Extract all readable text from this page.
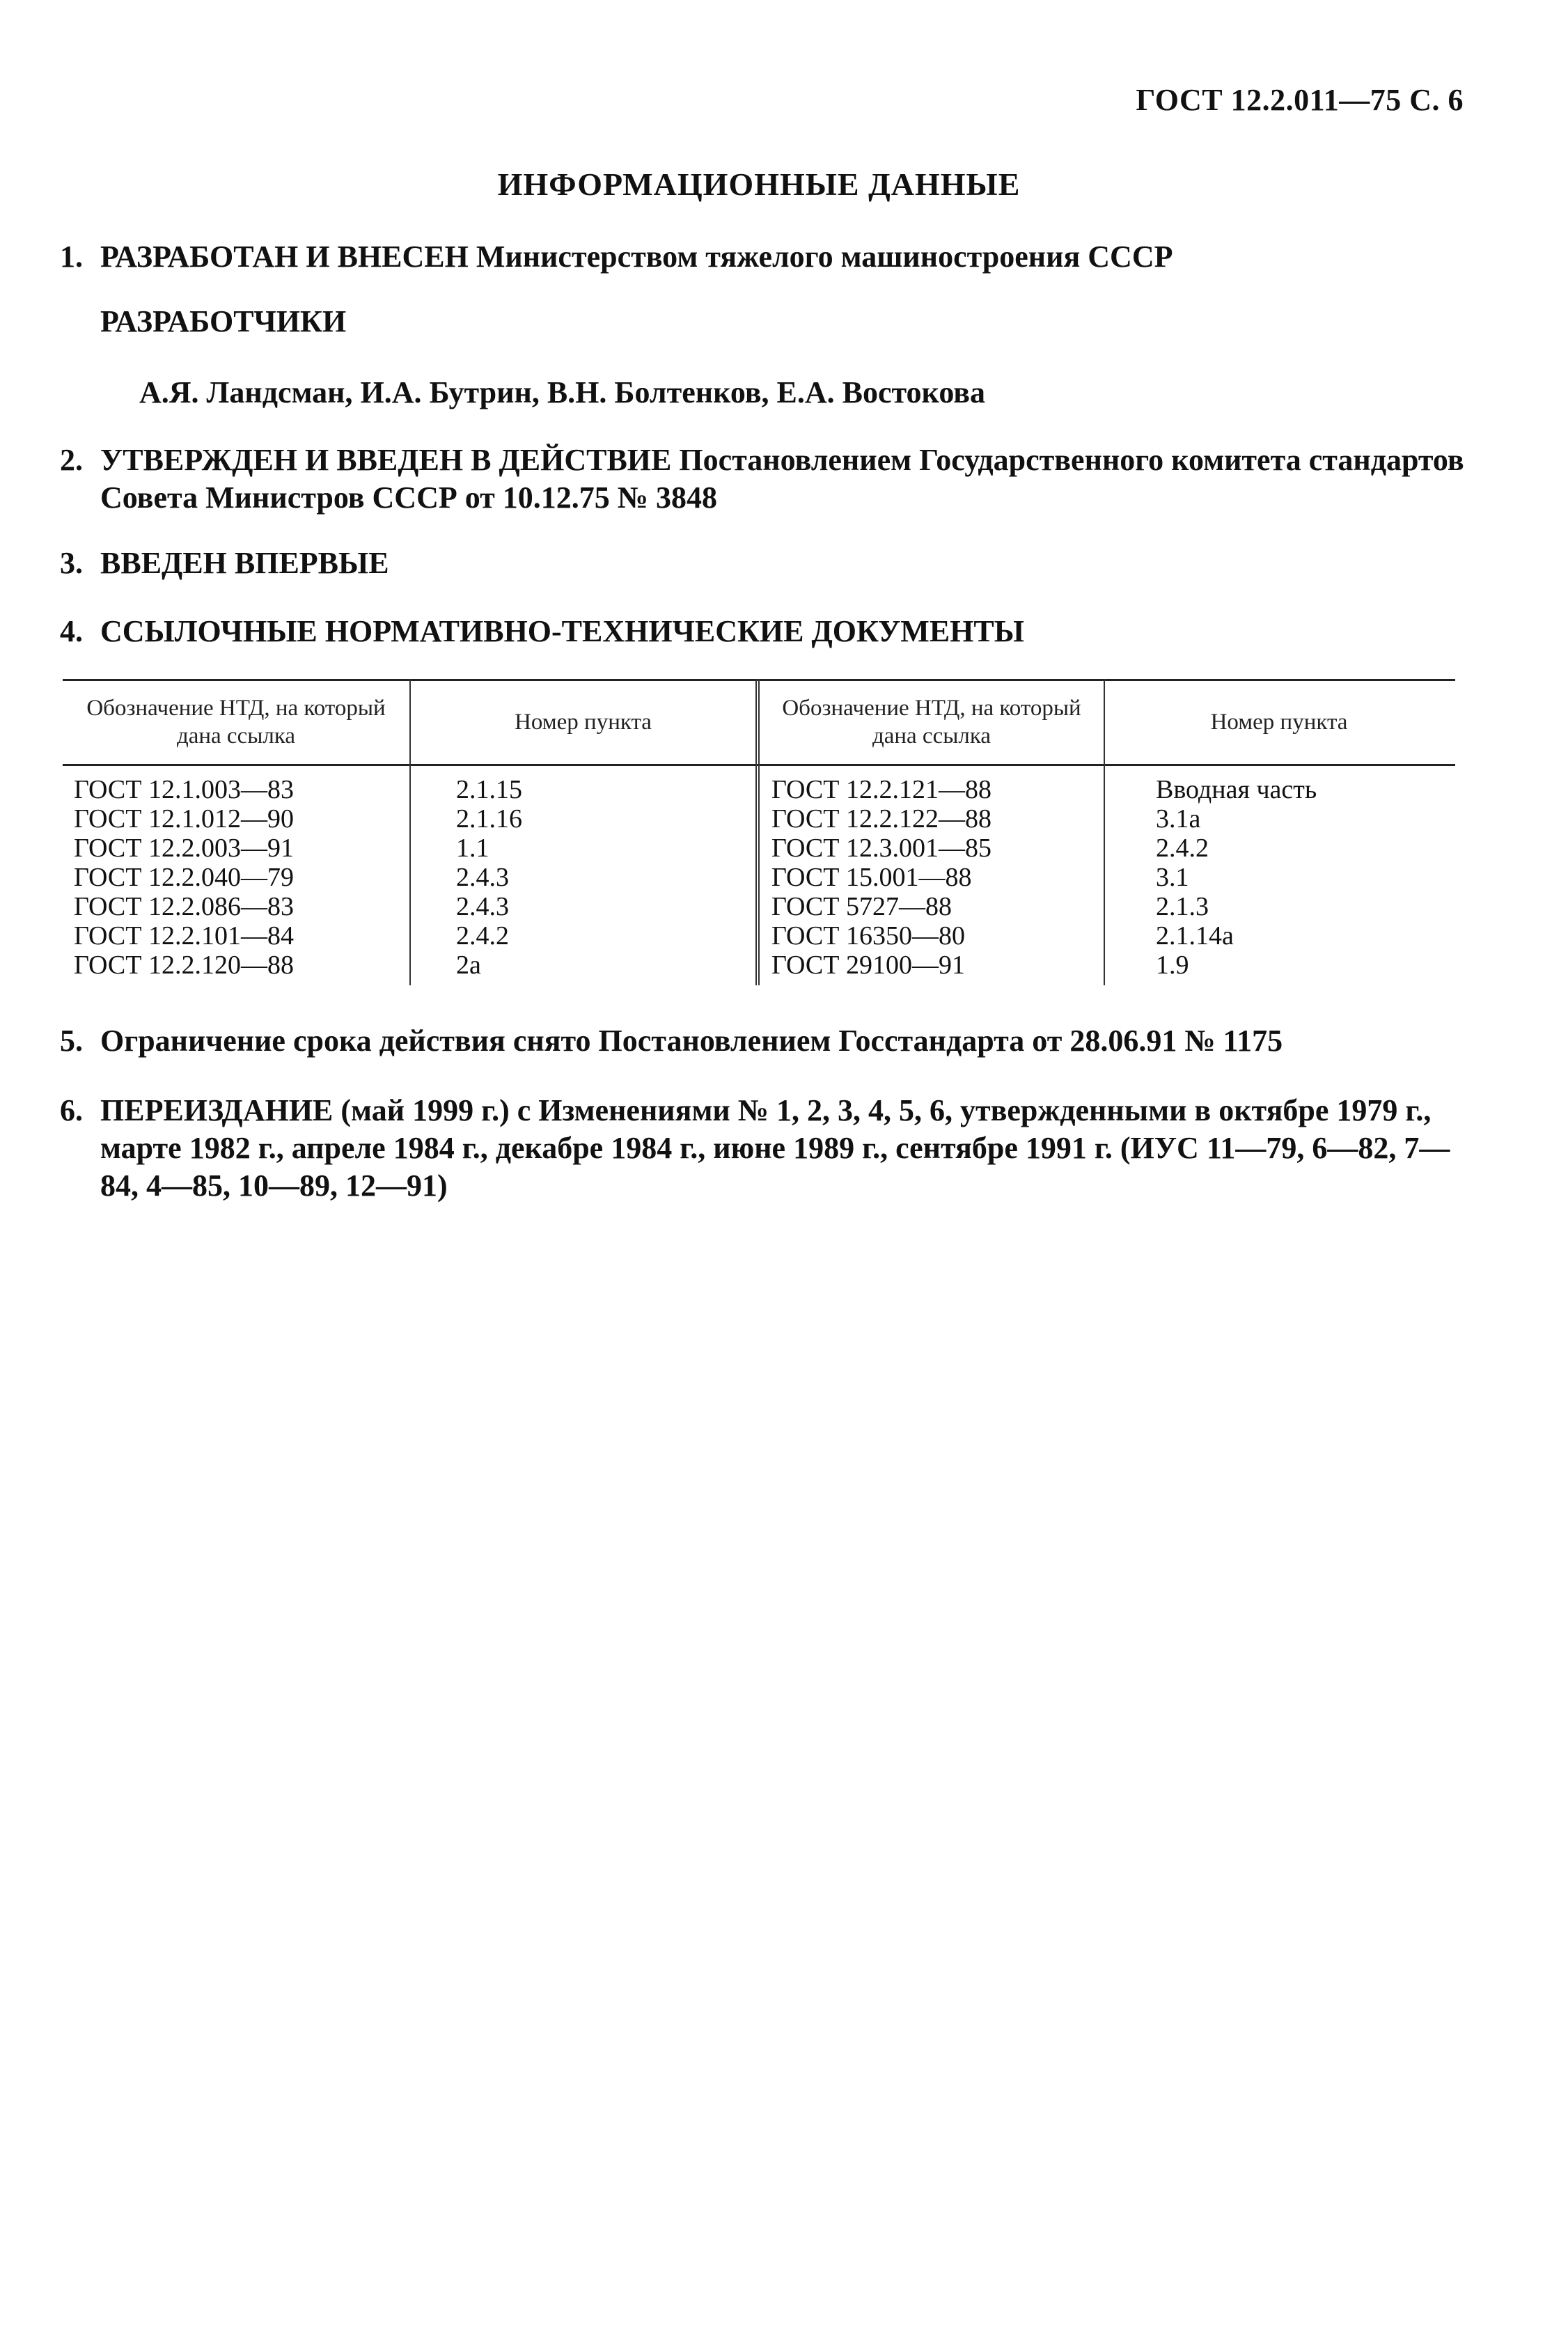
ГОСТ 12.2.011—75 С. 6
ИНФОРМАЦИОННЫЕ ДАННЫЕ
1. РАЗРАБОТАН И ВНЕСЕН Министерством тяжелого машиностроения СССР
РАЗРАБОТЧИКИ
А.Я. Ландсман, И.А. Бутрин, В.Н. Болтенков, Е.А. Востокова
2. УТВЕРЖДЕН И ВВЕДЕН В ДЕЙСТВИЕ Постановлением Государственного комитета стандартов Совета Министров СССР от 10.12.75 № 3848
3. ВВЕДЕН ВПЕРВЫЕ
4. ССЫЛОЧНЫЕ НОРМАТИВНО-ТЕХНИЧЕСКИЕ ДОКУМЕНТЫ
Обозначение НТД, на который дана ссылка
Номер пункта
Обозначение НТД, на который дана ссылка
Номер пункта
ГОСТ 12.1.003—83
ГОСТ 12.1.012—90
ГОСТ 12.2.003—91
ГОСТ 12.2.040—79
ГОСТ 12.2.086—83
ГОСТ 12.2.101—84
ГОСТ 12.2.120—88
2.1.15
2.1.16
1.1
2.4.3
2.4.3
2.4.2
2а
ГОСТ 12.2.121—88
ГОСТ 12.2.122—88
ГОСТ 12.3.001—85
ГОСТ 15.001—88
ГОСТ 5727—88
ГОСТ 16350—80
ГОСТ 29100—91
Вводная часть
3.1а
2.4.2
3.1
2.1.3
2.1.14а
1.9
5. Ограничение срока действия снято Постановлением Госстандарта от 28.06.91 № 1175
6. ПЕРЕИЗДАНИЕ (май 1999 г.) с Изменениями № 1, 2, 3, 4, 5, 6, утвержденными в октябре 1979 г., марте 1982 г., апреле 1984 г., декабре 1984 г., июне 1989 г., сентябре 1991 г. (ИУС 11—79, 6—82, 7—84, 4—85, 10—89, 12—91)
